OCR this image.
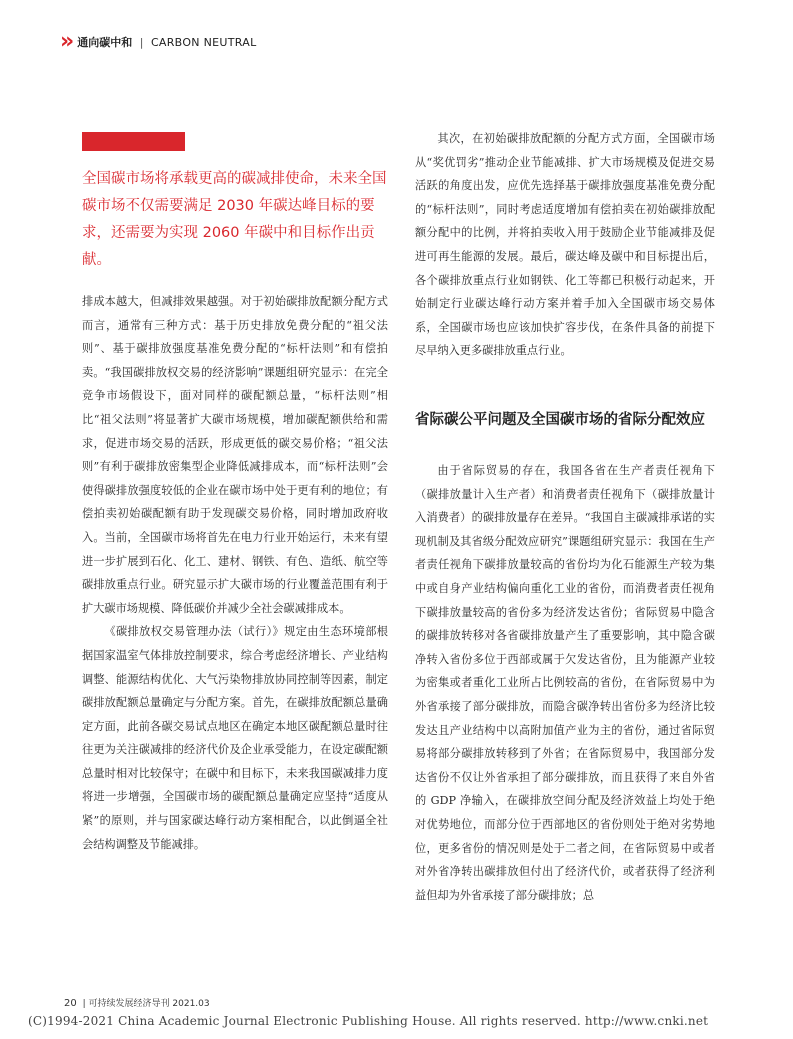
» 通向碳中和 | CARBON NEUTRAL

全国碳市场将承载更高的碳减排使命，未来全国碳市场不仅需要满足 2030 年碳达峰目标的要求，还需要为实现 2060 年碳中和目标作出贡献。

排成本越大，但减排效果越强。对于初始碳排放配额分配方式而言，通常有三种方式：基于历史排放免费分配的“祖父法则”、基于碳排放强度基准免费分配的“标杆法则”和有偿拍卖。“我国碳排放权交易的经济影响”课题组研究显示：在完全竞争市场假设下，面对同样的碳配额总量，“标杆法则”相比“祖父法则”将显著扩大碳市场规模，增加碳配额供给和需求，促进市场交易的活跃，形成更低的碳交易价格；“祖父法则”有利于碳排放密集型企业降低减排成本，而“标杆法则”会使得碳排放强度较低的企业在碳市场中处于更有利的地位；有偿拍卖初始碳配额有助于发现碳交易价格，同时增加政府收入。当前，全国碳市场将首先在电力行业开始运行，未来有望进一步扩展到石化、化工、建材、钢铁、有色、造纸、航空等碳排放重点行业。研究显示扩大碳市场的行业覆盖范围有利于扩大碳市场规模、降低碳价并减少全社会碳减排成本。

《碳排放权交易管理办法（试行）》规定由生态环境部根据国家温室气体排放控制要求，综合考虑经济增长、产业结构调整、能源结构优化、大气污染物排放协同控制等因素，制定碳排放配额总量确定与分配方案。首先，在碳排放配额总量确定方面，此前各碳交易试点地区在确定本地区碳配额总量时往往更为关注碳减排的经济代价及企业承受能力，在设定碳配额总量时相对比较保守；在碳中和目标下，未来我国碳减排力度将进一步增强，全国碳市场的碳配额总量确定应坚持“适度从紧”的原则，并与国家碳达峰行动方案相配合，以此倒逼全社会结构调整及节能减排。

其次，在初始碳排放配额的分配方式方面，全国碳市场从“奖优罚劣”推动企业节能减排、扩大市场规模及促进交易活跃的角度出发，应优先选择基于碳排放强度基准免费分配的“标杆法则”，同时考虑适度增加有偿拍卖在初始碳排放配额分配中的比例，并将拍卖收入用于鼓励企业节能减排及促进可再生能源的发展。最后，碳达峰及碳中和目标提出后，各个碳排放重点行业如钢铁、化工等都已积极行动起来，开始制定行业碳达峰行动方案并着手加入全国碳市场交易体系，全国碳市场也应该加快扩容步伐，在条件具备的前提下尽早纳入更多碳排放重点行业。

省际碳公平问题及全国碳市场的省际分配效应

由于省际贸易的存在，我国各省在生产者责任视角下（碳排放量计入生产者）和消费者责任视角下（碳排放量计入消费者）的碳排放量存在差异。“我国自主碳减排承诺的实现机制及其省级分配效应研究”课题组研究显示：我国在生产者责任视角下碳排放量较高的省份均为化石能源生产较为集中或自身产业结构偏向重化工业的省份，而消费者责任视角下碳排放量较高的省份多为经济发达省份；省际贸易中隐含的碳排放转移对各省碳排放量产生了重要影响，其中隐含碳净转入省份多位于西部或属于欠发达省份，且为能源产业较为密集或者重化工业所占比例较高的省份，在省际贸易中为外省承接了部分碳排放，而隐含碳净转出省份多为经济比较发达且产业结构中以高附加值产业为主的省份，通过省际贸易将部分碳排放转移到了外省；在省际贸易中，我国部分发达省份不仅让外省承担了部分碳排放，而且获得了来自外省的 GDP 净输入，在碳排放空间分配及经济效益上均处于绝对优势地位，而部分位于西部地区的省份则处于绝对劣势地位，更多省份的情况则是处于二者之间，在省际贸易中或者对外省净转出碳排放但付出了经济代价，或者获得了经济利益但却为外省承接了部分碳排放；总

20 | 可持续发展经济导刊 2021.03
(C)1994-2021 China Academic Journal Electronic Publishing House. All rights reserved. http://www.cnki.net
